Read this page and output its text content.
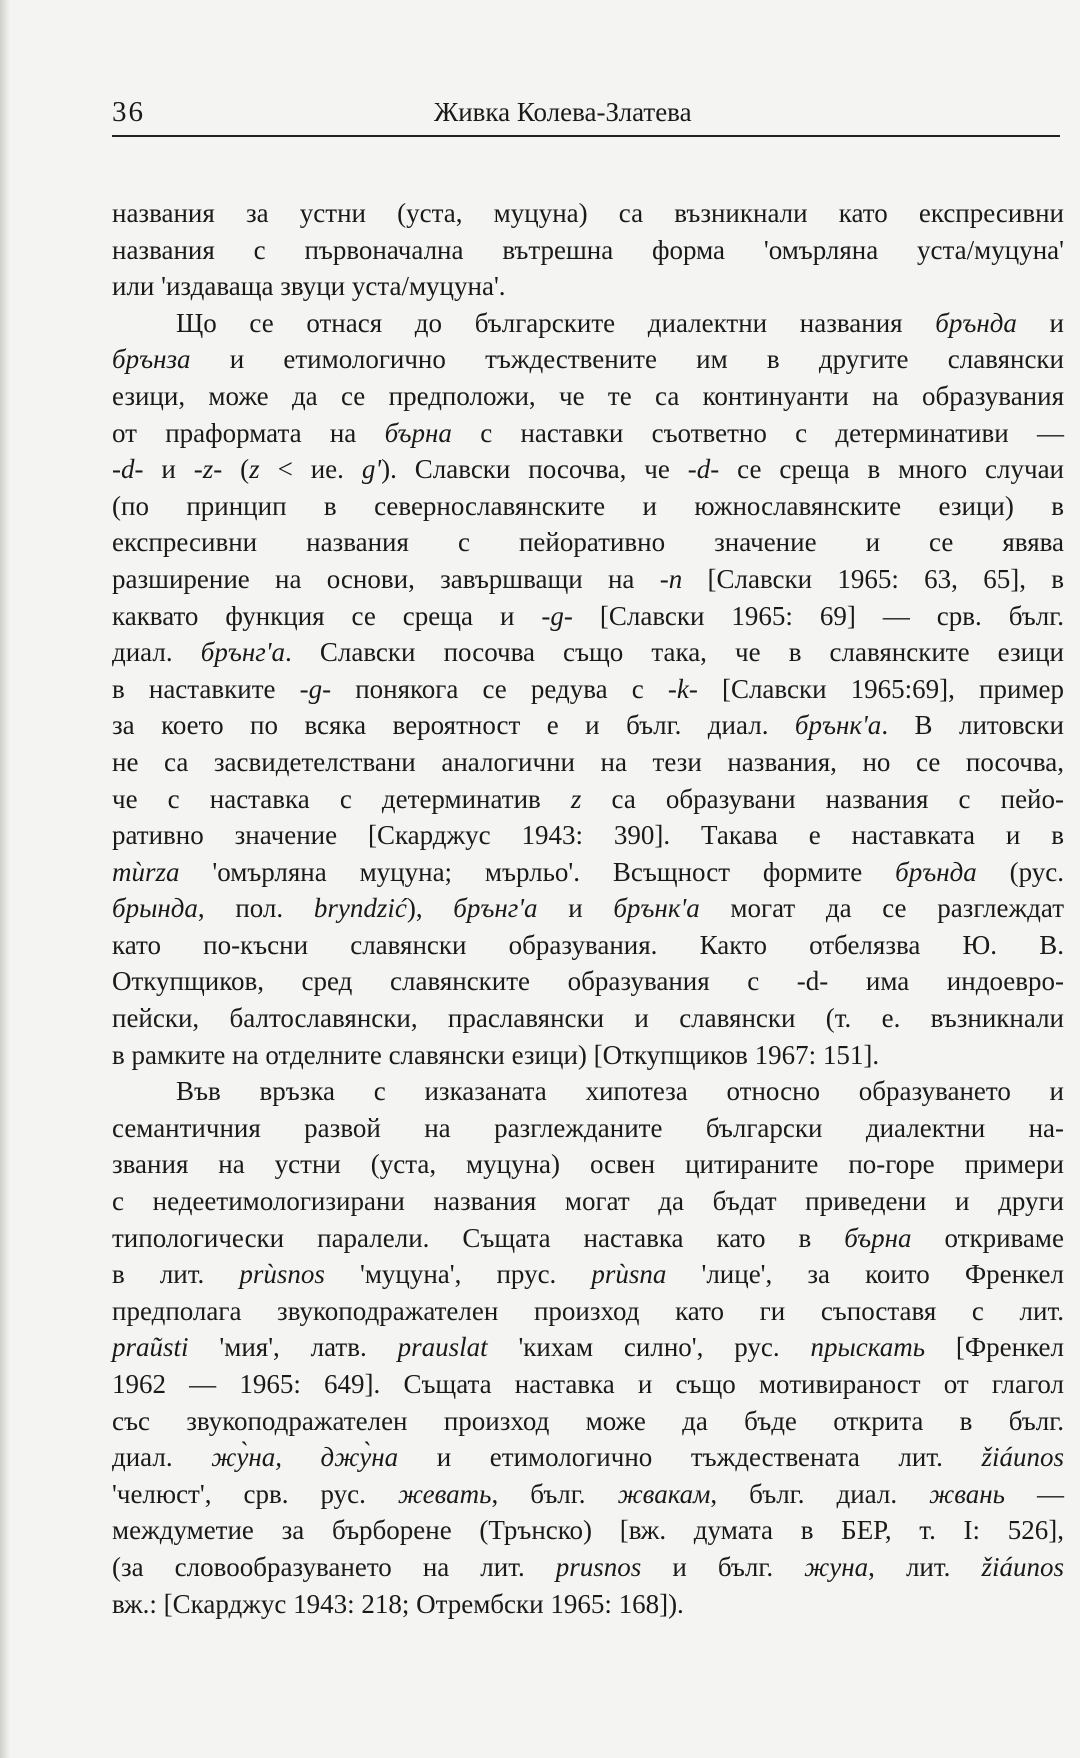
36	Живка Колева-Златева
названия за устни (уста, муцуна) са възникнали като експресивни
названия с първоначална вътрешна форма 'омърляна уста/муцуна'
или 'издаваща звуци уста/муцуна'.
Що се отнася до българските диалектни названия брънда и
брънза и етимологично тъждествените им в другите славянски
езици, може да се предположи, че те са континуанти на образувания
от праформата на бърна с наставки съответно с детерминативи —
-d- и -z- (z < ие. g'). Славски посочва, че -d- се среща в много случаи
(по принцип в севернославянските и южнославянските езици) в
експресивни названия с пейоративно значение и се явява
разширение на основи, завършващи на -n [Славски 1965: 63, 65], в
каквато функция се среща и -g- [Славски 1965: 69] — срв. бълг.
диал. брънг'а. Славски посочва също така, че в славянските езици
в наставките -g- понякога се редува с -k- [Славски 1965:69], пример
за което по всяка вероятност е и бълг. диал. брънк'а. В литовски
не са засвидетелствани аналогични на тези названия, но се посочва,
че с наставка с детерминатив z са образувани названия с пейо-
ративно значение [Скарджус 1943: 390]. Такава е наставката и в
mùrza 'омърляна муцуна; мърльо'. Всъщност формите брънда (рус.
брында, пол. bryndzić), брънг'а и брънк'а могат да се разглеждат
като по-късни славянски образувания. Както отбелязва Ю. В.
Откупщиков, сред славянските образувания с -d- има индоевро-
пейски, балтославянски, праславянски и славянски (т. е. възникнали
в рамките на отделните славянски езици) [Откупщиков 1967: 151].
Във връзка с изказаната хипотеза относно образуването и
семантичния развой на разглежданите български диалектни на-
звания на устни (уста, муцуна) освен цитираните по-горе примери
с недеетимологизирани названия могат да бъдат приведени и други
типологически паралели. Същата наставка като в бърна откриваме
в лит. prùsnos 'муцуна', прус. prùsna 'лице', за които Френкел
предполага звукоподражателен произход като ги съпоставя с лит.
praũsti 'мия', латв. prauslat 'кихам силно', рус. прыскать [Френкел
1962 — 1965: 649]. Същата наставка и също мотивираност от глагол
със звукоподражателен произход може да бъде открита в бълг.
диал. жу̀на, джу̀на и етимологично тъждествената лит. žiáunos
'челюст', срв. рус. жевать, бълг. жвакам, бълг. диал. жвань —
междуметие за бърборене (Трънско) [вж. думата в БЕР, т. I: 526],
(за словообразуването на лит. prusnos и бълг. жуна, лит. žiáunos
вж.: [Скарджус 1943: 218; Отрембски 1965: 168]).
